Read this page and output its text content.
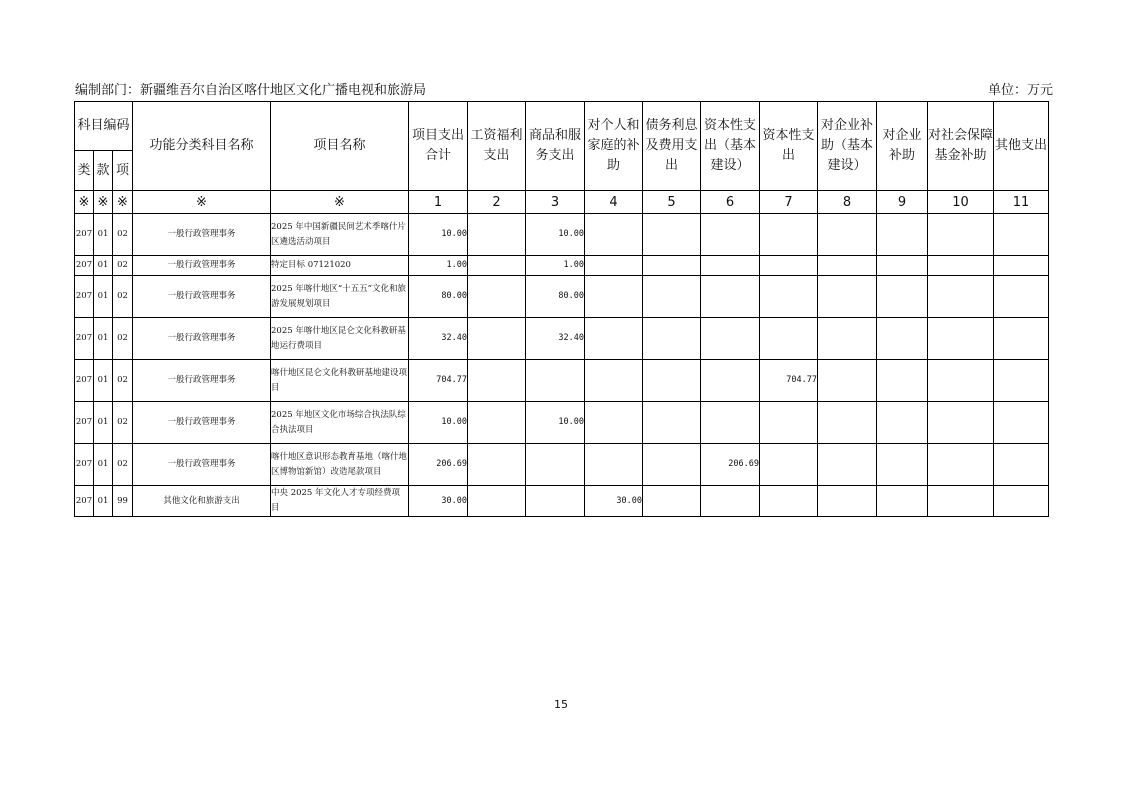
编制部门：新疆维吾尔自治区喀什地区文化广播电视和旅游局	单位：万元
科目编码			功能分类科目名称	项目名称	项目支出合计	工资福利支出	商品和服务支出	对个人和家庭的补助	债务利息及费用支出	资本性支出（基本建设）	资本性支出	对企业补助（基本建设）	对企业补助	对社会保障基金补助	其他支出
类	款	项													
※	※	※	※	※	1	2	3	4	5	6	7	8	9	10	11
207	01	02	一般行政管理事务	2025 年中国新疆民间艺术季喀什片区遴选活动项目	10.00		10.00								
207	01	02	一般行政管理事务	特定目标 07121020	1.00		1.00								
207	01	02	一般行政管理事务	2025 年喀什地区“十五五”文化和旅游发展规划项目	80.00		80.00								
207	01	02	一般行政管理事务	2025 年喀什地区昆仑文化科教研基地运行费项目	32.40		32.40								
207	01	02	一般行政管理事务	喀什地区昆仑文化科教研基地建设项目	704.77						704.77				
207	01	02	一般行政管理事务	2025 年地区文化市场综合执法队综合执法项目	10.00		10.00								
207	01	02	一般行政管理事务	喀什地区意识形态教育基地（喀什地区博物馆新馆）改造尾款项目	206.69					206.69					
207	01	99	其他文化和旅游支出	中央 2025 年文化人才专项经费项目	30.00			30.00							
15
